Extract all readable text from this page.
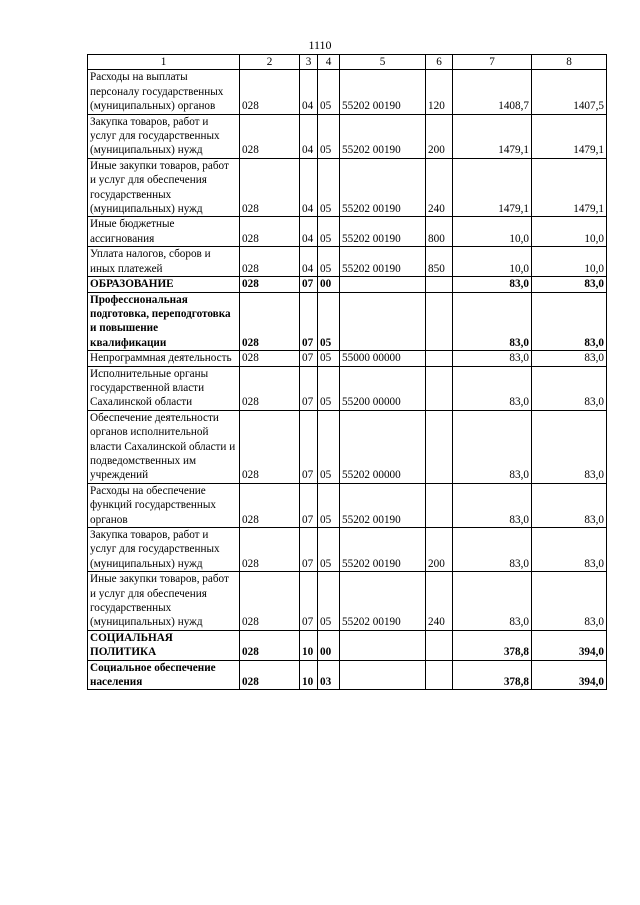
1110
1	2	3	4	5	6	7	8
Расходы на выплаты персоналу государственных (муниципальных) органов	028	04	05	55202 00190	120	1408,7	1407,5
Закупка товаров, работ и услуг для государственных (муниципальных) нужд	028	04	05	55202 00190	200	1479,1	1479,1
Иные закупки товаров, работ и услуг для обеспечения государственных (муниципальных) нужд	028	04	05	55202 00190	240	1479,1	1479,1
Иные бюджетные ассигнования	028	04	05	55202 00190	800	10,0	10,0
Уплата налогов, сборов и иных платежей	028	04	05	55202 00190	850	10,0	10,0
ОБРАЗОВАНИЕ	028	07	00			83,0	83,0
Профессиональная подготовка, переподготовка и повышение квалификации	028	07	05			83,0	83,0
Непрограммная деятельность	028	07	05	55000 00000		83,0	83,0
Исполнительные органы государственной власти Сахалинской области	028	07	05	55200 00000		83,0	83,0
Обеспечение деятельности органов исполнительной власти Сахалинской области и подведомственных им учреждений	028	07	05	55202 00000		83,0	83,0
Расходы на обеспечение функций государственных органов	028	07	05	55202 00190		83,0	83,0
Закупка товаров, работ и услуг для государственных (муниципальных) нужд	028	07	05	55202 00190	200	83,0	83,0
Иные закупки товаров, работ и услуг для обеспечения государственных (муниципальных) нужд	028	07	05	55202 00190	240	83,0	83,0
СОЦИАЛЬНАЯ ПОЛИТИКА	028	10	00			378,8	394,0
Социальное обеспечение населения	028	10	03			378,8	394,0
